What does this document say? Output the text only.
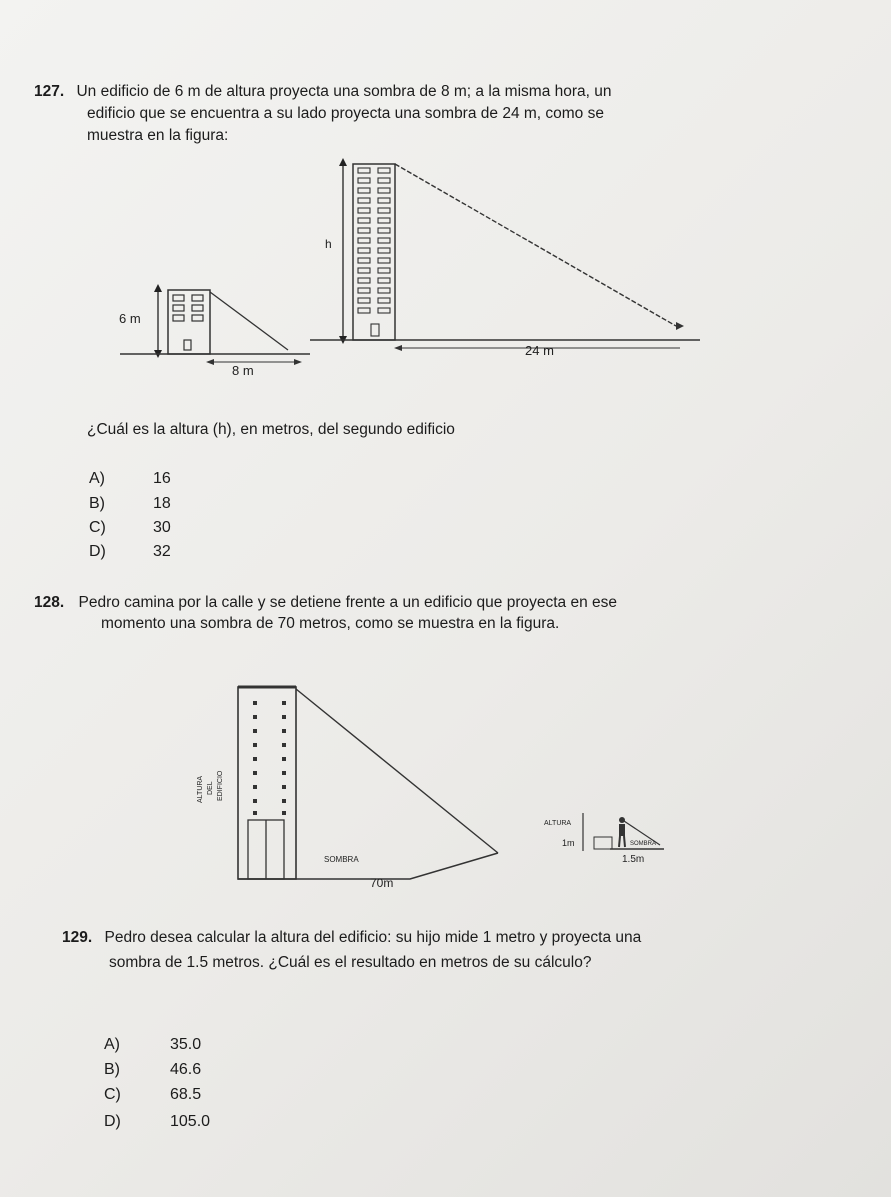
127. Un edificio de 6 m de altura proyecta una sombra de 8 m; a la misma hora, un
edificio que se encuentra a su lado proyecta una sombra de 24 m, como se
muestra en la figura:
6 m
8 m
h
24 m
¿Cuál es la altura (h), en metros, del segundo edificio
A)	16
B)	18
C)	30
D)	32
128. Pedro camina por la calle y se detiene frente a un edificio que proyecta en ese
momento una sombra de 70 metros, como se muestra en la figura.
ALTURA DEL EDIFICIO
SOMBRA
70m
ALTURA
1m	SOMBRA
1.5m
129. Pedro desea calcular la altura del edificio: su hijo mide 1 metro y proyecta una
sombra de 1.5 metros. ¿Cuál es el resultado en metros de su cálculo?
A)	35.0
B)	46.6
C)	68.5
D)	105.0
